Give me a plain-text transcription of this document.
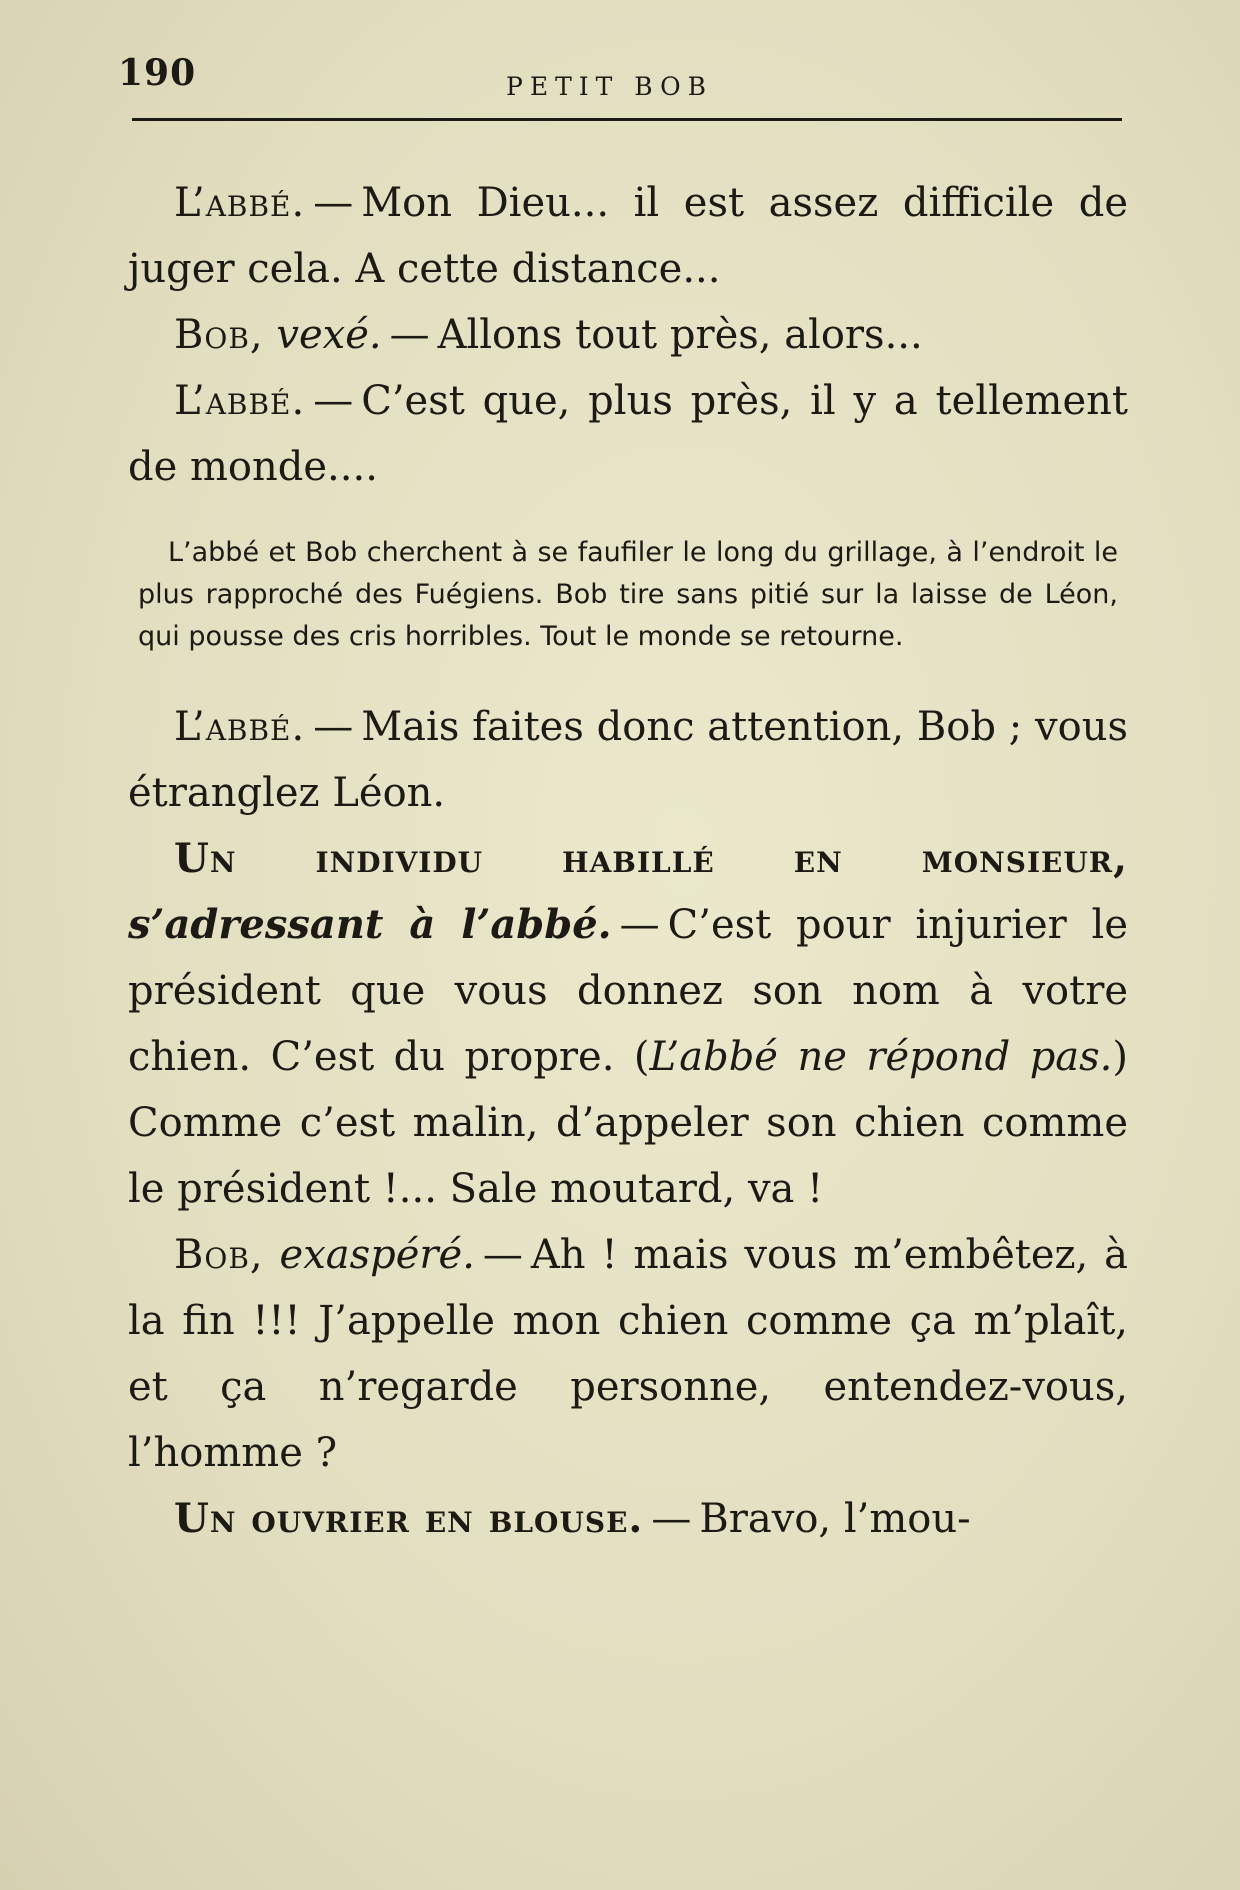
190	PETIT BOB

L’abbé. — Mon Dieu... il est assez difficile de juger cela. A cette distance...

Bob, vexé. — Allons tout près, alors...

L’abbé. — C’est que, plus près, il y a tellement de monde....

L’abbé et Bob cherchent à se faufiler le long du grillage, à l’endroit le plus rapproché des Fuégiens. Bob tire sans pitié sur la laisse de Léon, qui pousse des cris horribles. Tout le monde se retourne.

L’abbé. — Mais faites donc attention, Bob ; vous étranglez Léon.

Un individu habillé en monsieur, s’adressant à l’abbé. — C’est pour injurier le président que vous donnez son nom à votre chien. C’est du propre. (L’abbé ne répond pas.) Comme c’est malin, d’appeler son chien comme le président !... Sale moutard, va !

Bob, exaspéré. — Ah ! mais vous m’embêtez, à la fin !!! J’appelle mon chien comme ça m’plaît, et ça n’regarde personne, entendez-vous, l’homme ?

Un ouvrier en blouse. — Bravo, l’mou-
